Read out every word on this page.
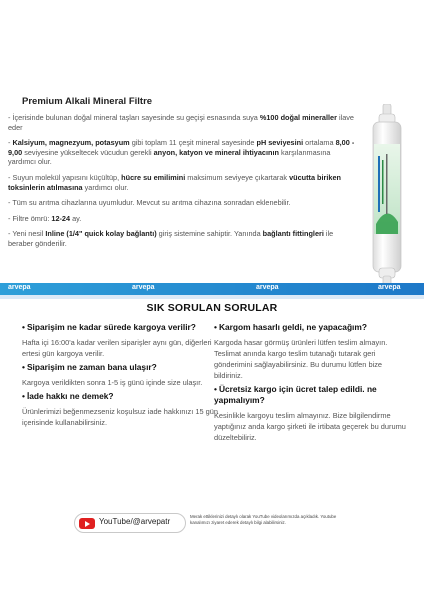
Premium Alkali Mineral Filtre

- İçerisinde bulunan doğal mineral taşları sayesinde su geçişi esnasında suya %100 doğal mineraller ilave eder

- Kalsiyum, magnezyum, potasyum gibi toplam 11 çeşit mineral sayesinde pH seviyesini ortalama 8,00 - 9,00 seviyesine yükseltecek vücudun gerekli anyon, katyon ve mineral ihtiyacının karşılanmasına yardımcı olur.

- Suyun molekül yapısını küçültüp, hücre su emilimini maksimum seviyeye çıkartarak vücutta biriken toksinlerin atılmasına yardımcı olur.

- Tüm su arıtma cihazlarına uyumludur. Mevcut su arıtma cihazına sonradan eklenebilir.

- Filtre ömrü: 12-24 ay.

- Yeni nesil Inline (1/4" quick kolay bağlantı) giriş sistemine sahiptir. Yanında bağlantı fittingleri ile beraber gönderilir.

arvepa	arvepa	arvepa	arvepa
SIK SORULAN SORULAR
• Siparişim ne kadar sürede kargoya verilir?
Hafta içi 16:00'a kadar verilen siparişler aynı gün, diğerleri ertesi gün kargoya verilir.
• Siparişim ne zaman bana ulaşır?
Kargoya verildikten sonra 1-5 iş günü içinde size ulaşır.
• İade hakkı ne demek?
Ürünlerimizi beğenmezseniz koşulsuz iade hakkınızı 15 gün içerisinde kullanabilirsiniz.
• Kargom hasarlı geldi, ne yapacağım?
Kargoda hasar görmüş ürünleri lütfen teslim almayın. Teslimat anında kargo teslim tutanağı tutarak geri gönderimini sağlayabilirsiniz. Bu durumu lütfen bize bildiriniz.
• Ücretsiz kargo için ücret talep edildi. ne yapmalıyım?
Kesinlikle kargoyu teslim almayınız. Bize bilgilendirme yaptığınız anda kargo şirketi ile irtibata geçerek bu durumu düzeltebiliriz.
YouTube/@arvepatr
Merak ettiklerinizi detaylı olarak YouTube videolarımızda açıkladık. Youtube kanalımızı ziyaret ederek detaylı bilgi alabilirsiniz.
